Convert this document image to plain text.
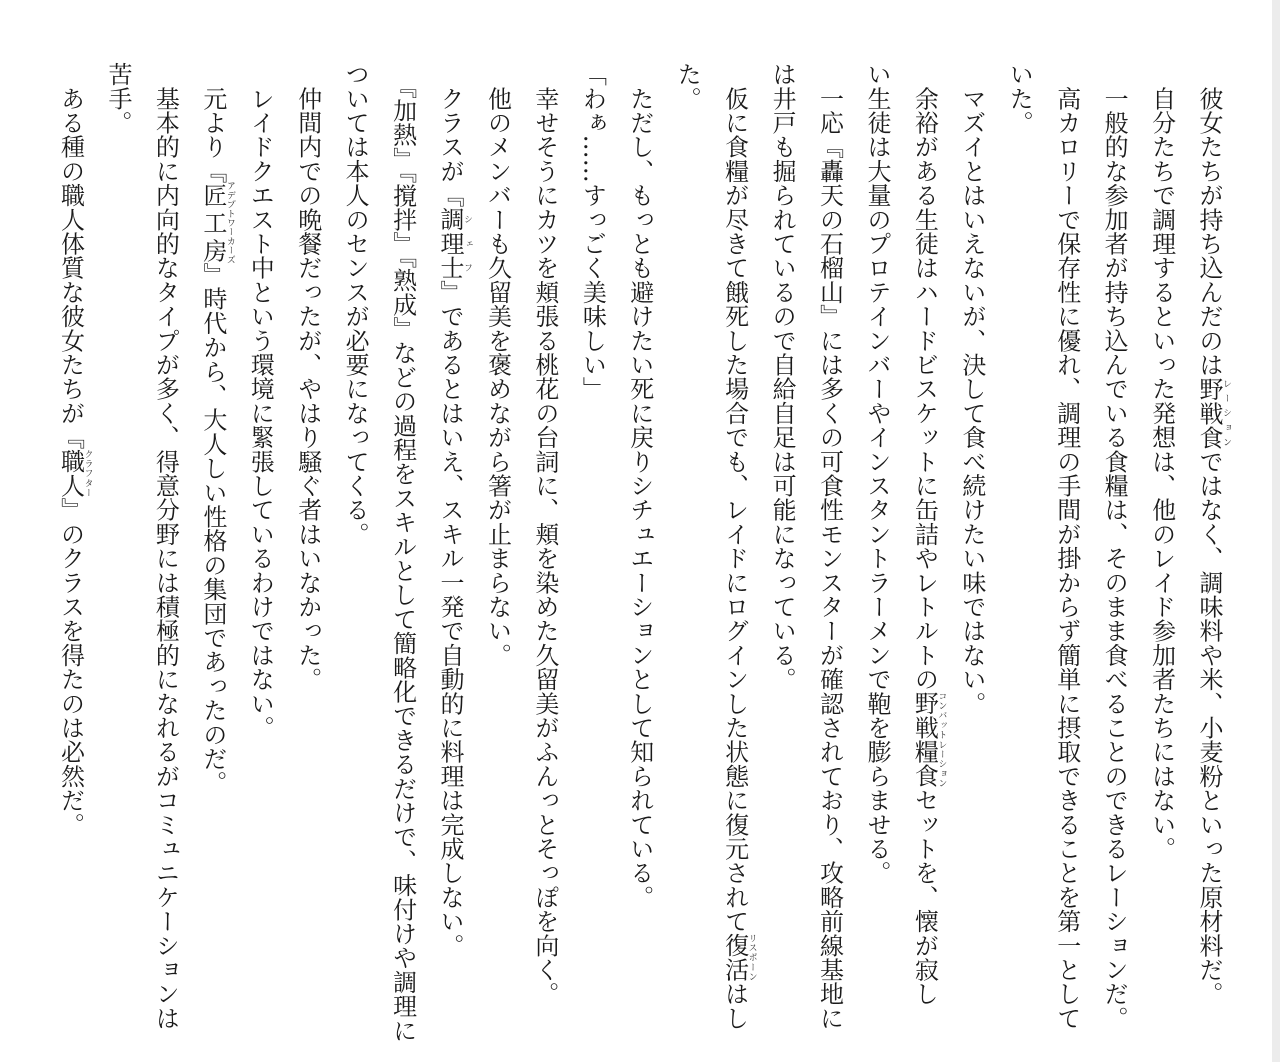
　彼女たちが持ち込んだのは野戦食レーションではなく、調味料や米、小麦粉といった原材料だ。
　自分たちで調理するといった発想は、他のレイド参加者たちにはない。
　一般的な参加者が持ち込んでいる食糧は、そのまま食べることのできるレーションだ。
　高カロリーで保存性に優れ、調理の手間が掛からず簡単に摂取できることを第一として
いた。
　マズイとはいえないが、決して食べ続けたい味ではない。
　余裕がある生徒はハードビスケットに缶詰やレトルトの野戦糧食コンバットレーションセットを、懐が寂し
い生徒は大量のプロテインバーやインスタントラーメンで鞄を膨らませる。
　一応『轟天の石榴山』には多くの可食性モンスターが確認されており、攻略前線基地に
は井戸も掘られているので自給自足は可能になっている。
　仮に食糧が尽きて餓死した場合でも、レイドにログインした状態に復元されて復活リスポーンはし
た。
　ただし、もっとも避けたい死に戻りシチュエーションとして知られている。
「わぁ……すっごく美味しい」
　幸せそうにカツを頬張る桃花の台詞に、頬を染めた久留美がふんっとそっぽを向く。
　他のメンバーも久留美を褒めながら箸が止まらない。
　クラスが『調理士シェフ』であるとはいえ、スキル一発で自動的に料理は完成しない。
　『加熱』『撹拌』『熟成』などの過程をスキルとして簡略化できるだけで、味付けや調理に
ついては本人のセンスが必要になってくる。
　仲間内での晩餐だったが、やはり騒ぐ者はいなかった。
　レイドクエスト中という環境に緊張しているわけではない。
　元より『匠工房アデプトワーカーズ』時代から、大人しい性格の集団であったのだ。
　基本的に内向的なタイプが多く、得意分野には積極的になれるがコミュニケーションは
苦手。
　ある種の職人体質な彼女たちが『職人クラフター』のクラスを得たのは必然だ。
